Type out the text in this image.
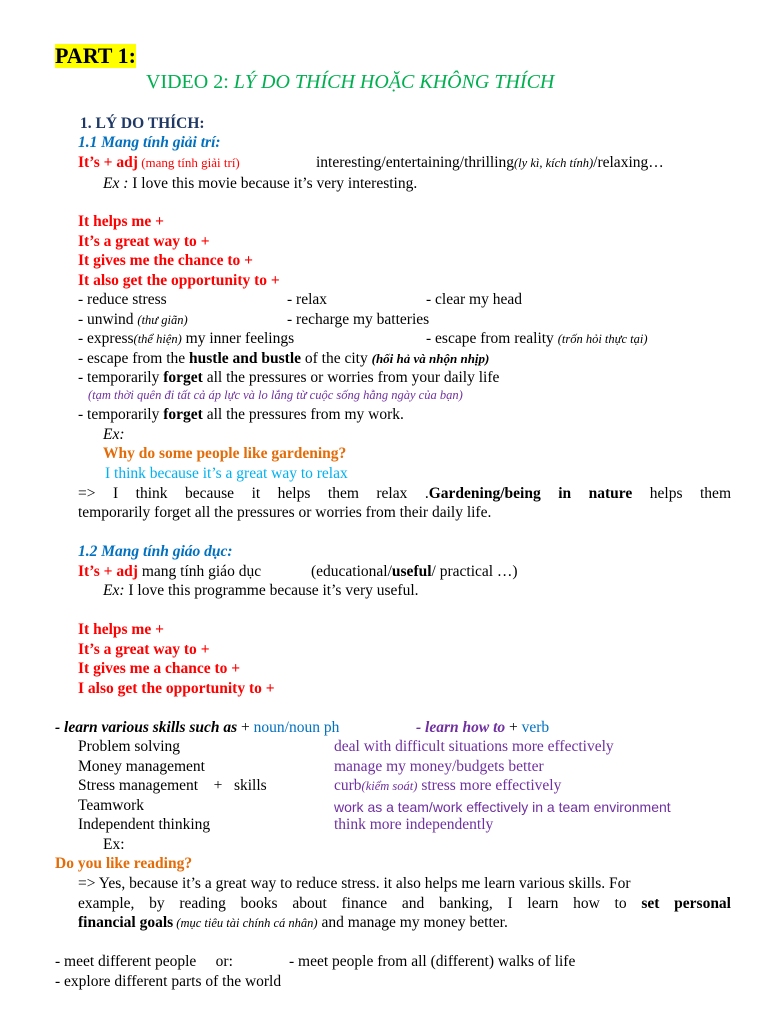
PART 1:
VIDEO 2: LÝ DO THÍCH HOẶC KHÔNG THÍCH
1. LÝ DO THÍCH:
1.1 Mang tính giải trí:
It’s + adj (mang tính giải trí)	interesting/entertaining/thrilling(ly kì, kích tính)/relaxing…
Ex : I love this movie because it’s very interesting.
It helps me +
It’s a great way to +
It gives me the chance to +
It also get the opportunity to +
- reduce stress	- relax	- clear my head
- unwind (thư giãn)	- recharge my batteries
- express(thể hiện) my inner feelings	- escape from reality (trốn hỏi thực tại)
- escape from the hustle and bustle of the city (hối hả và nhộn nhịp)
- temporarily forget all the pressures or worries from your daily life
(tạm thời quên đi tất cả áp lực và lo lắng từ cuộc sống hằng ngày của bạn)
- temporarily forget all the pressures from my work.
Ex:
Why do some people like gardening?
I think because it’s a great way to relax
=> I think because it helps them relax .Gardening/being in nature helps them
temporarily forget all the pressures or worries from their daily life.
1.2 Mang tính giáo dục:
It’s + adj mang tính giáo dục	(educational/useful/ practical …)
Ex: I love this programme because it’s very useful.
It helps me +
It’s a great way to +
It gives me a chance to +
I also get the opportunity to +
- learn various skills such as + noun/noun ph	- learn how to + verb
Problem solving	deal with difficult situations more effectively
Money management	manage my money/budgets better
Stress management    +   skills	curb(kiểm soát) stress more effectively
Teamwork	work as a team/work effectively in a team environment
Independent thinking	think more independently
Ex:
Do you like reading?
=> Yes, because it’s a great way to reduce stress. it also helps me learn various skills. For
example, by reading books about finance and banking, I learn how to set personal
financial goals (mục tiêu tài chính cá nhân) and manage my money better.
- meet different people     or:	- meet people from all (different) walks of life
- explore different parts of the world
